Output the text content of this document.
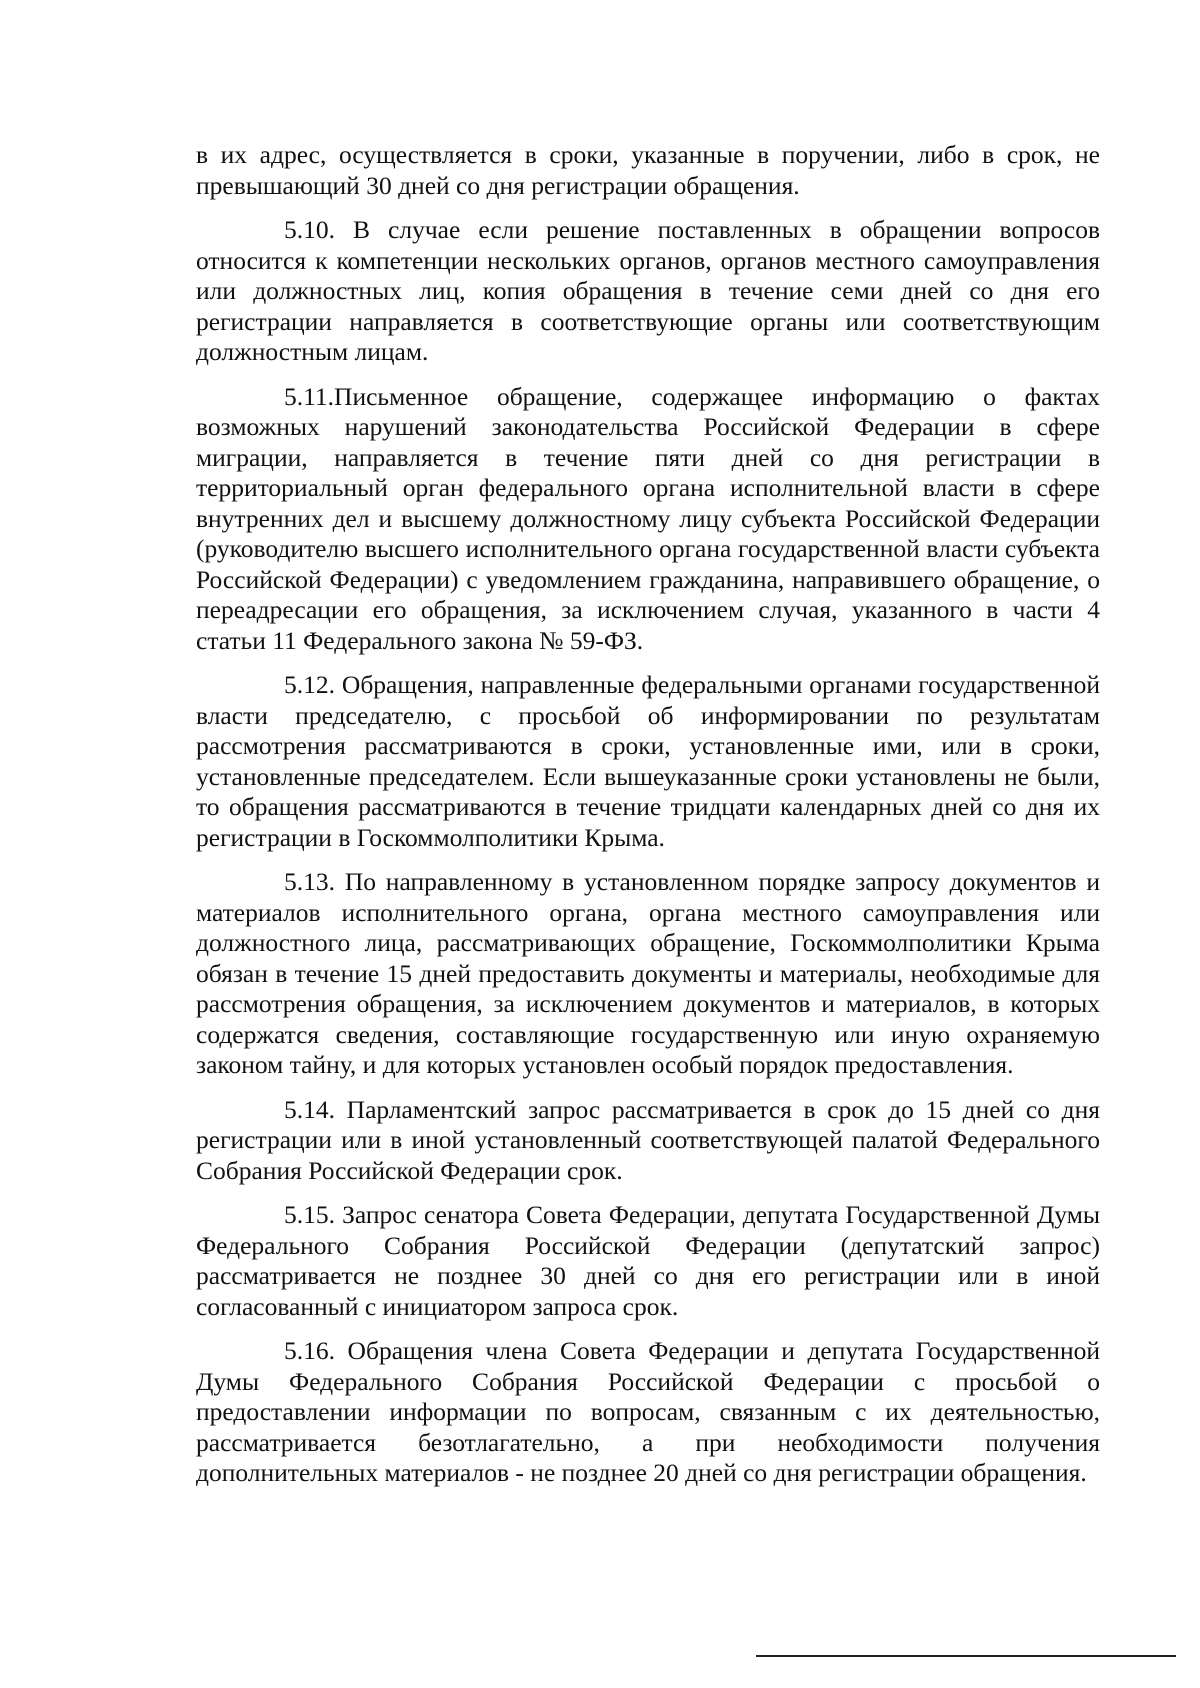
в их адрес, осуществляется в сроки, указанные в поручении, либо в срок, не превышающий 30 дней со дня регистрации обращения.

5.10. В случае если решение поставленных в обращении вопросов относится к компетенции нескольких органов, органов местного самоуправления или должностных лиц, копия обращения в течение семи дней со дня его регистрации направляется в соответствующие органы или соответствующим должностным лицам.

5.11.Письменное обращение, содержащее информацию о фактах возможных нарушений законодательства Российской Федерации в сфере миграции, направляется в течение пяти дней со дня регистрации в территориальный орган федерального органа исполнительной власти в сфере внутренних дел и высшему должностному лицу субъекта Российской Федерации (руководителю высшего исполнительного органа государственной власти субъекта Российской Федерации) с уведомлением гражданина, направившего обращение, о переадресации его обращения, за исключением случая, указанного в части 4 статьи 11 Федерального закона № 59-ФЗ.

5.12. Обращения, направленные федеральными органами государственной власти председателю, с просьбой об информировании по результатам рассмотрения рассматриваются в сроки, установленные ими, или в сроки, установленные председателем. Если вышеуказанные сроки установлены не были, то обращения рассматриваются в течение тридцати календарных дней со дня их регистрации в Госкоммолполитики Крыма.

5.13. По направленному в установленном порядке запросу документов и материалов исполнительного органа, органа местного самоуправления или должностного лица, рассматривающих обращение, Госкоммолполитики Крыма обязан в течение 15 дней предоставить документы и материалы, необходимые для рассмотрения обращения, за исключением документов и материалов, в которых содержатся сведения, составляющие государственную или иную охраняемую законом тайну, и для которых установлен особый порядок предоставления.

5.14. Парламентский запрос рассматривается в срок до 15 дней со дня регистрации или в иной установленный соответствующей палатой Федерального Собрания Российской Федерации срок.

5.15. Запрос сенатора Совета Федерации, депутата Государственной Думы Федерального Собрания Российской Федерации (депутатский запрос) рассматривается не позднее 30 дней со дня его регистрации или в иной согласованный с инициатором запроса срок.

5.16. Обращения члена Совета Федерации и депутата Государственной Думы Федерального Собрания Российской Федерации с просьбой о предоставлении информации по вопросам, связанным с их деятельностью, рассматривается безотлагательно, а при необходимости получения дополнительных материалов - не позднее 20 дней со дня регистрации обращения.
